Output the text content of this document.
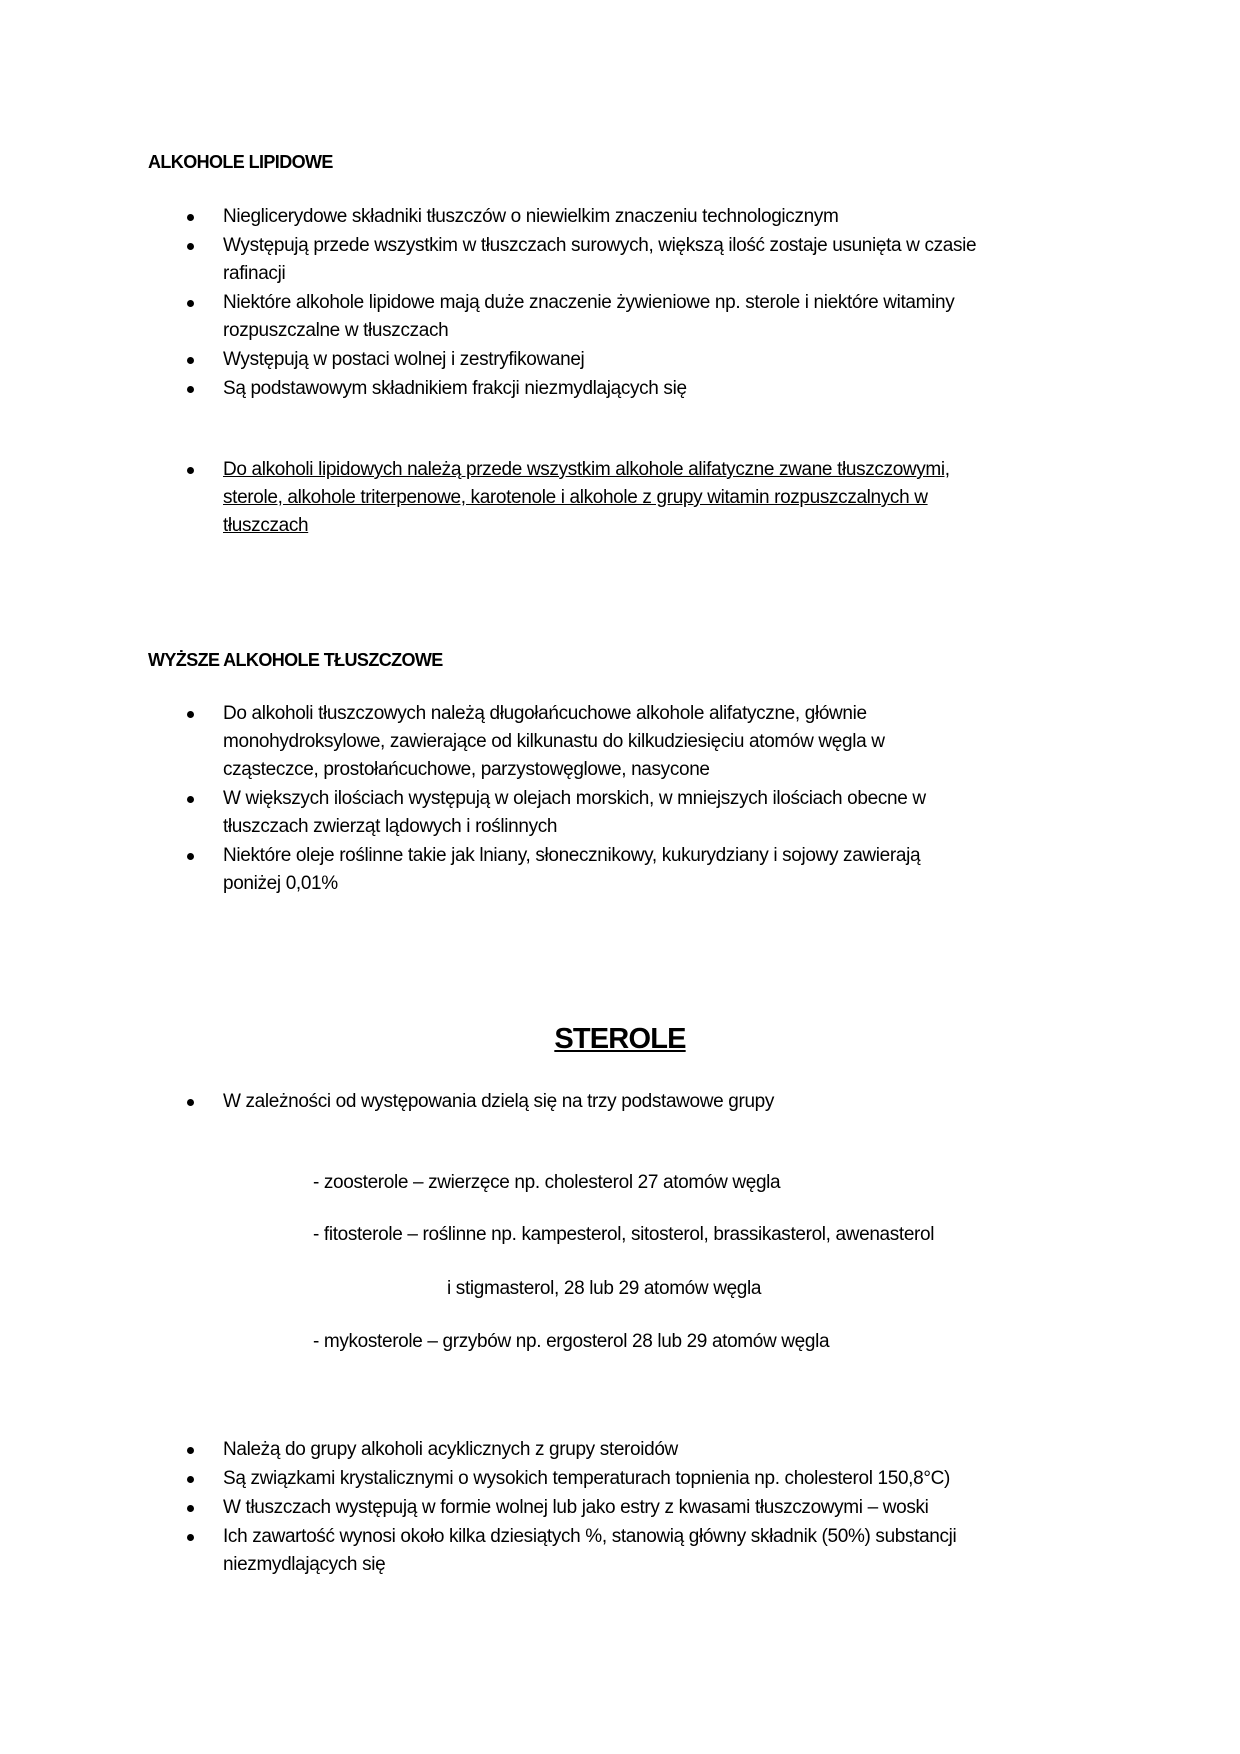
ALKOHOLE LIPIDOWE
Nieglicerydowe składniki tłuszczów o niewielkim znaczeniu technologicznym
Występują przede wszystkim w tłuszczach surowych, większą ilość zostaje usunięta w czasie
rafinacji
Niektóre alkohole lipidowe mają duże znaczenie żywieniowe np. sterole i niektóre witaminy
rozpuszczalne w tłuszczach
Występują w postaci wolnej i zestryfikowanej
Są podstawowym składnikiem frakcji niezmydlających się
Do alkoholi lipidowych należą przede wszystkim alkohole alifatyczne zwane tłuszczowymi,
sterole, alkohole triterpenowe, karotenole i alkohole z grupy witamin rozpuszczalnych w
tłuszczach
WYŻSZE ALKOHOLE TŁUSZCZOWE
Do alkoholi tłuszczowych należą długołańcuchowe alkohole alifatyczne, głównie
monohydroksylowe, zawierające od kilkunastu do kilkudziesięciu atomów węgla w
cząsteczce, prostołańcuchowe, parzystowęglowe, nasycone
W większych ilościach występują w olejach morskich, w mniejszych ilościach obecne w
tłuszczach zwierząt lądowych i roślinnych
Niektóre oleje roślinne takie jak lniany, słonecznikowy, kukurydziany i sojowy zawierają
poniżej 0,01%
STEROLE
W zależności od występowania dzielą się na trzy podstawowe grupy
- zoosterole – zwierzęce np. cholesterol 27 atomów węgla
- fitosterole – roślinne np. kampesterol, sitosterol, brassikasterol, awenasterol
i stigmasterol, 28 lub 29 atomów węgla
- mykosterole – grzybów np. ergosterol 28 lub 29 atomów węgla
Należą do grupy alkoholi acyklicznych z grupy steroidów
Są związkami krystalicznymi o wysokich temperaturach topnienia np. cholesterol 150,8°C)
W tłuszczach występują w formie wolnej lub jako estry z kwasami tłuszczowymi – woski
Ich zawartość wynosi około kilka dziesiątych %, stanowią główny składnik (50%) substancji
niezmydlających się
